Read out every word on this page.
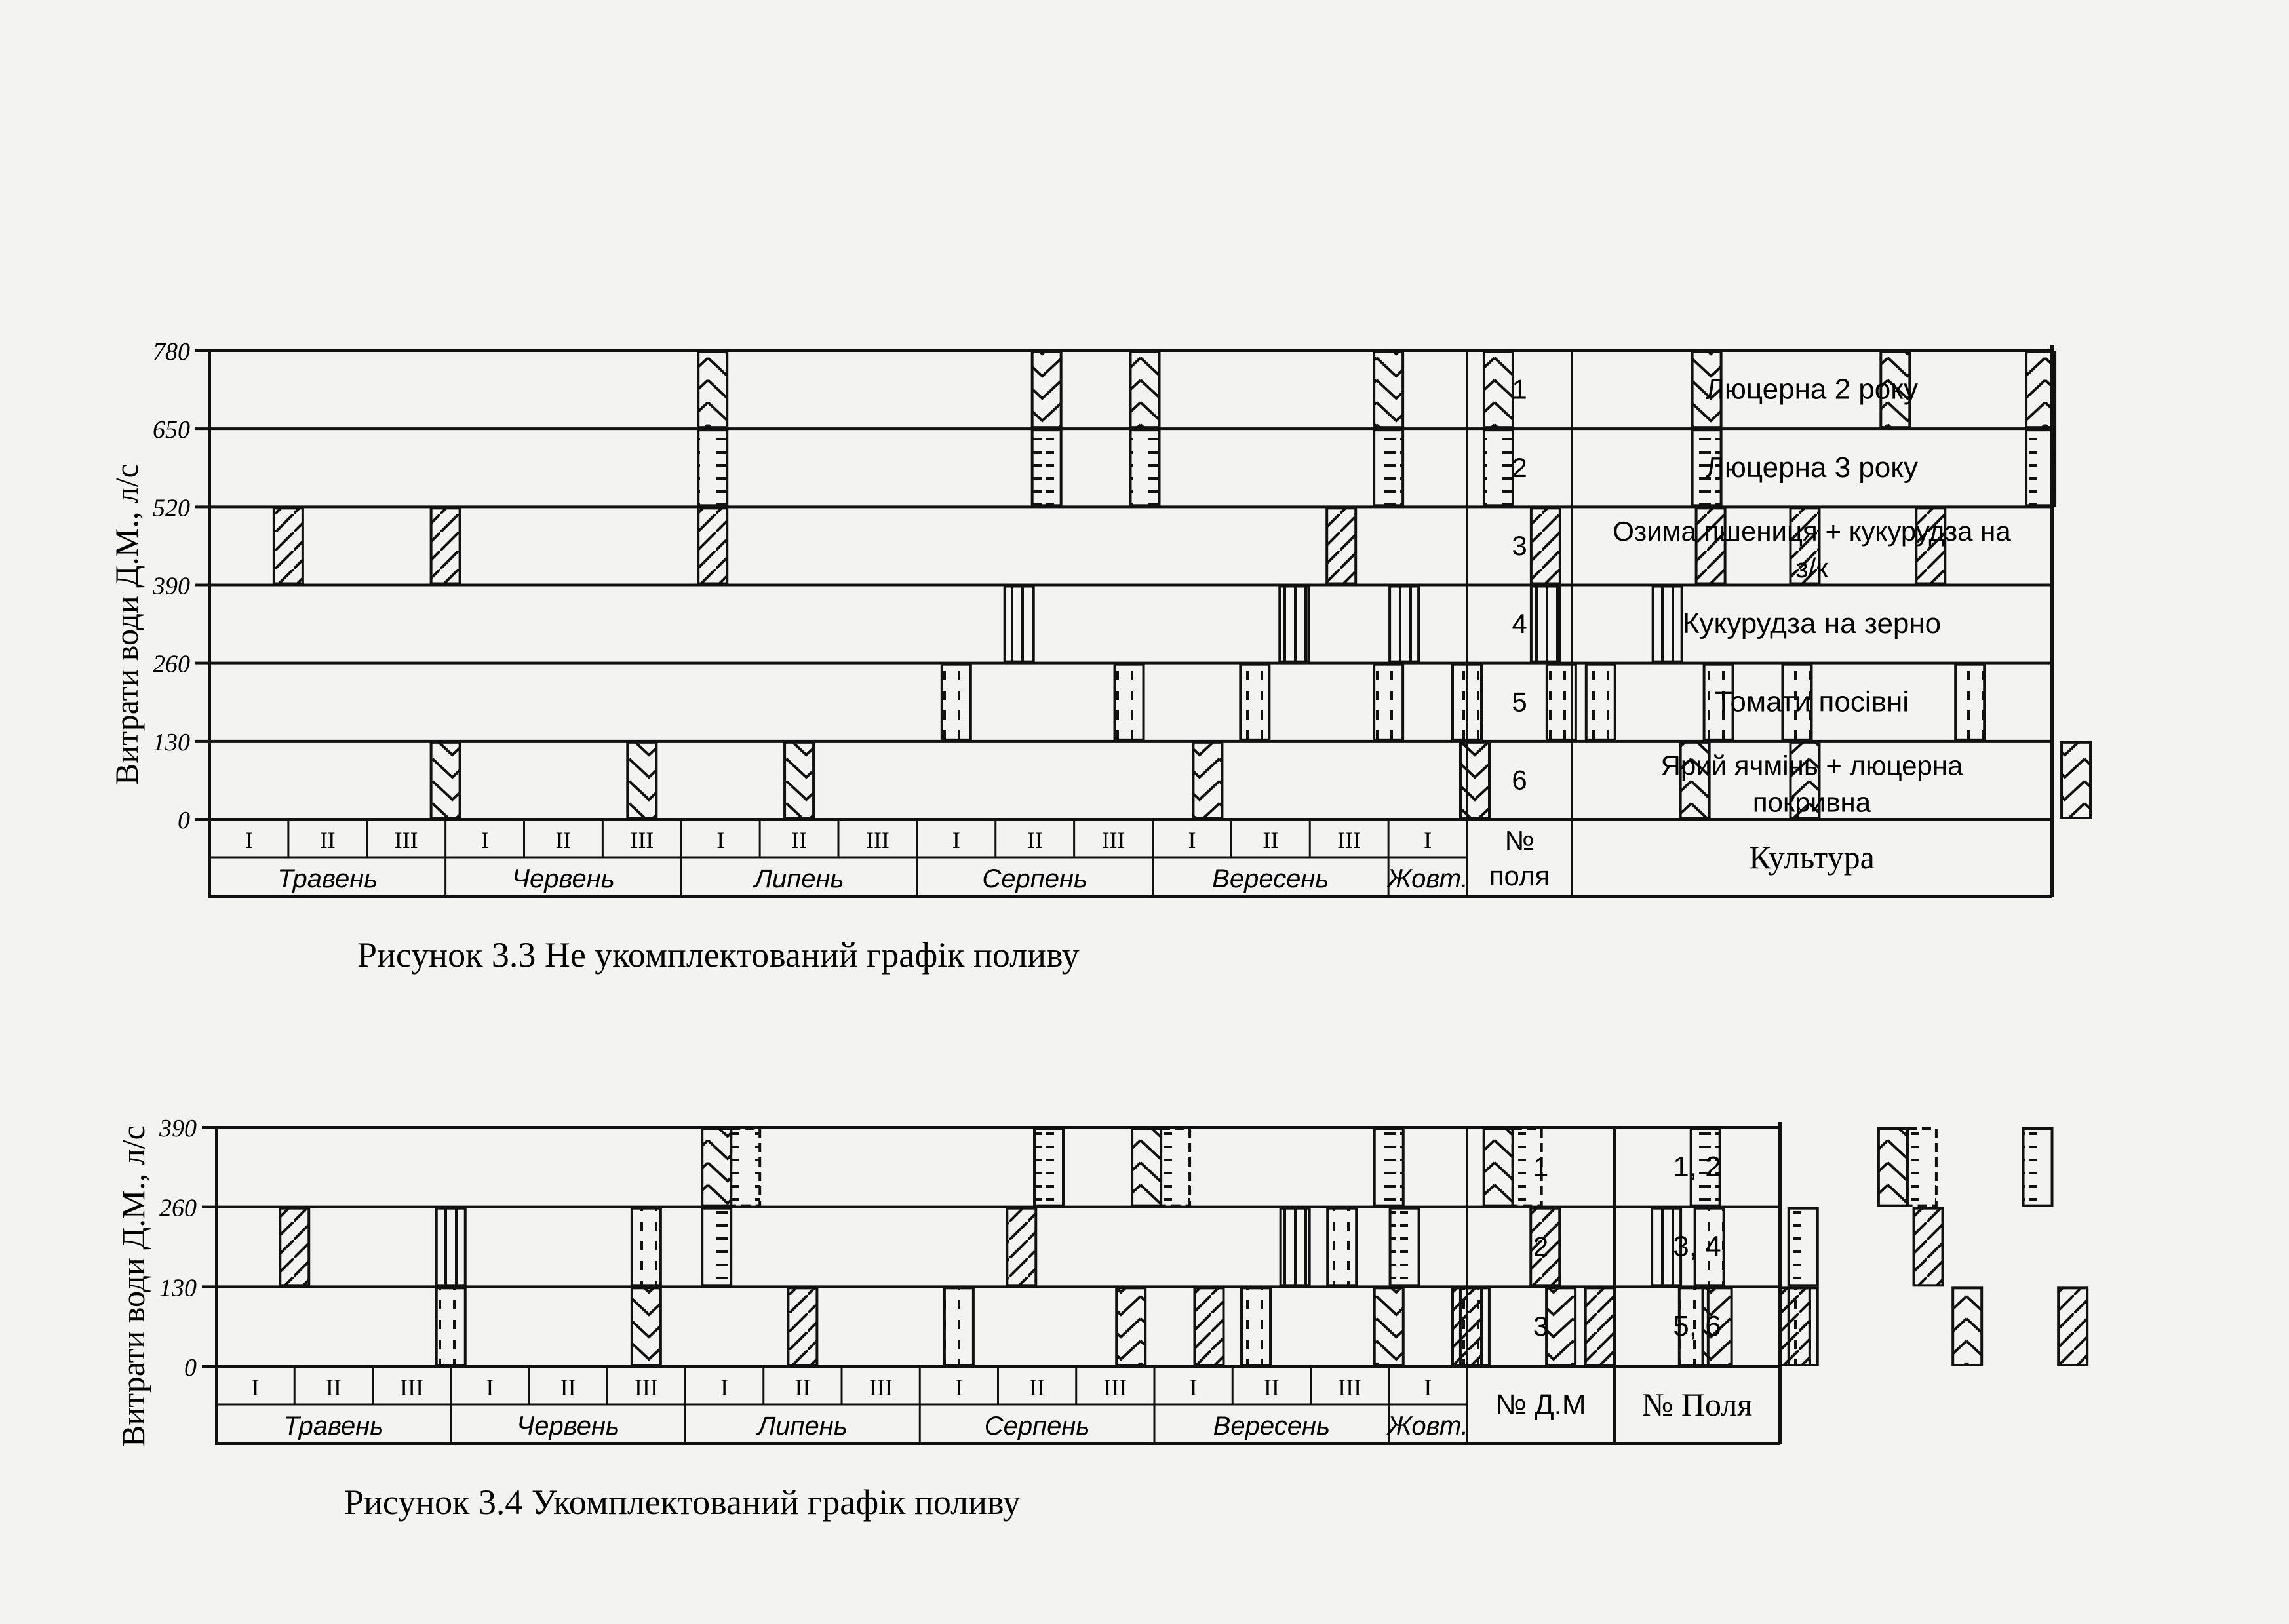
780
650
520
390
260
130
0
Витрати води Д.М., л/с
I	II III	I	II III	I	II III	I	II III	I	II III	I
Травень	Червень	Липень	Серпень	Вересень Жовт.
1	Люцерна 2 року
2	Люцерна 3 року
3	Озима пшениця + кукурудза на
з/к
4	Кукурудза на зерно
5	Томати посівні
6	Ярий ячмінь + люцерна
покривна
№
поля
Культура
Рисунок 3.3 Не укомплектований графік поливу
390
260
130
0
Витрати води Д.М., л/с	I	II III	I	II III	I	II III	I	II III	I	II III	I
Травень	Червень	Липень	Серпень	Вересень Жовт.
1	1, 2
2	3, 4
3	5, 6
№ Д.М № Поля
Рисунок 3.4 Укомплектований графік поливу
